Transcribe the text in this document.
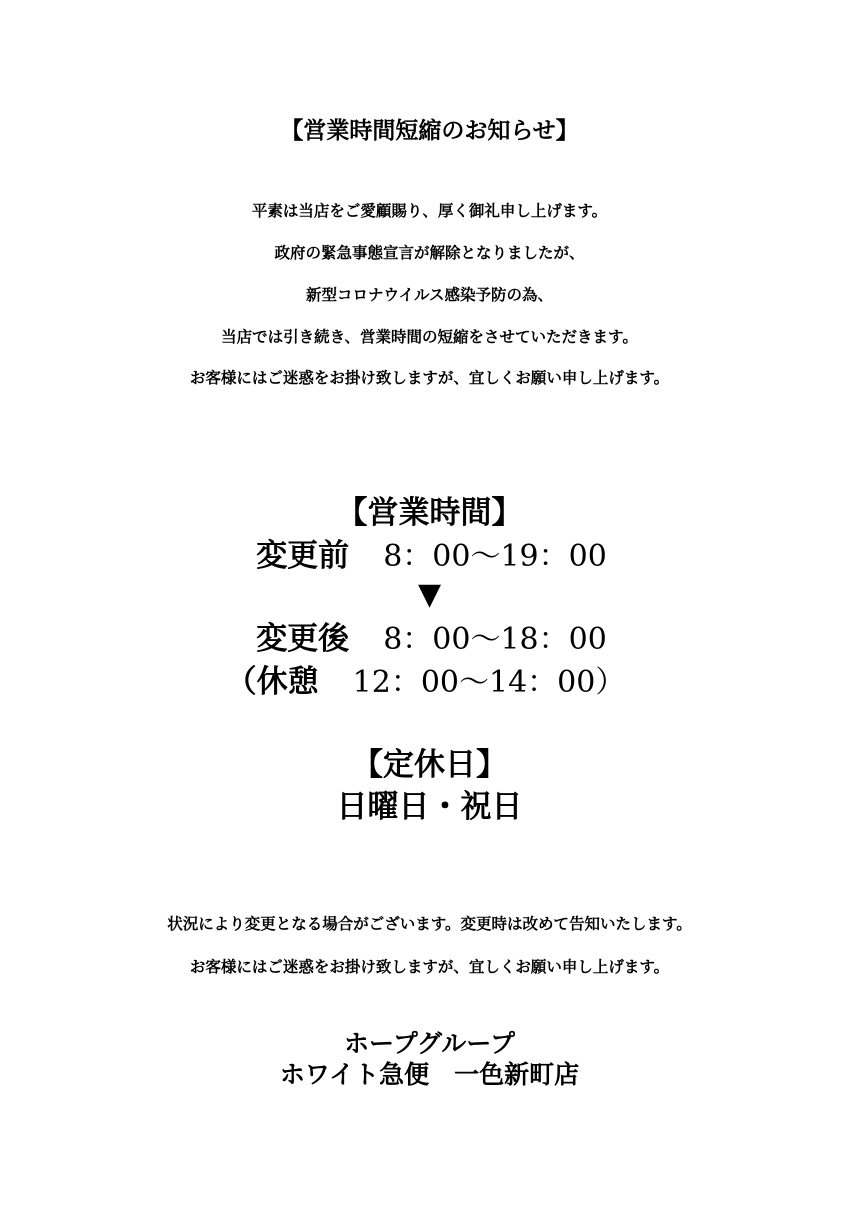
【営業時間短縮のお知らせ】
平素は当店をご愛顧賜り、厚く御礼申し上げます。
政府の緊急事態宣言が解除となりましたが、
新型コロナウイルス感染予防の為、
当店では引き続き、営業時間の短縮をさせていただきます。
お客様にはご迷惑をお掛け致しますが、宜しくお願い申し上げます。
【営業時間】
変更前 8：00～19：00
▼
変更後 8：00～18：00
（休憩 12：00～14：00）
【定休日】
日曜日・祝日
状況により変更となる場合がございます。変更時は改めて告知いたします。
お客様にはご迷惑をお掛け致しますが、宜しくお願い申し上げます。
ホープグループ
ホワイト急便　一色新町店
